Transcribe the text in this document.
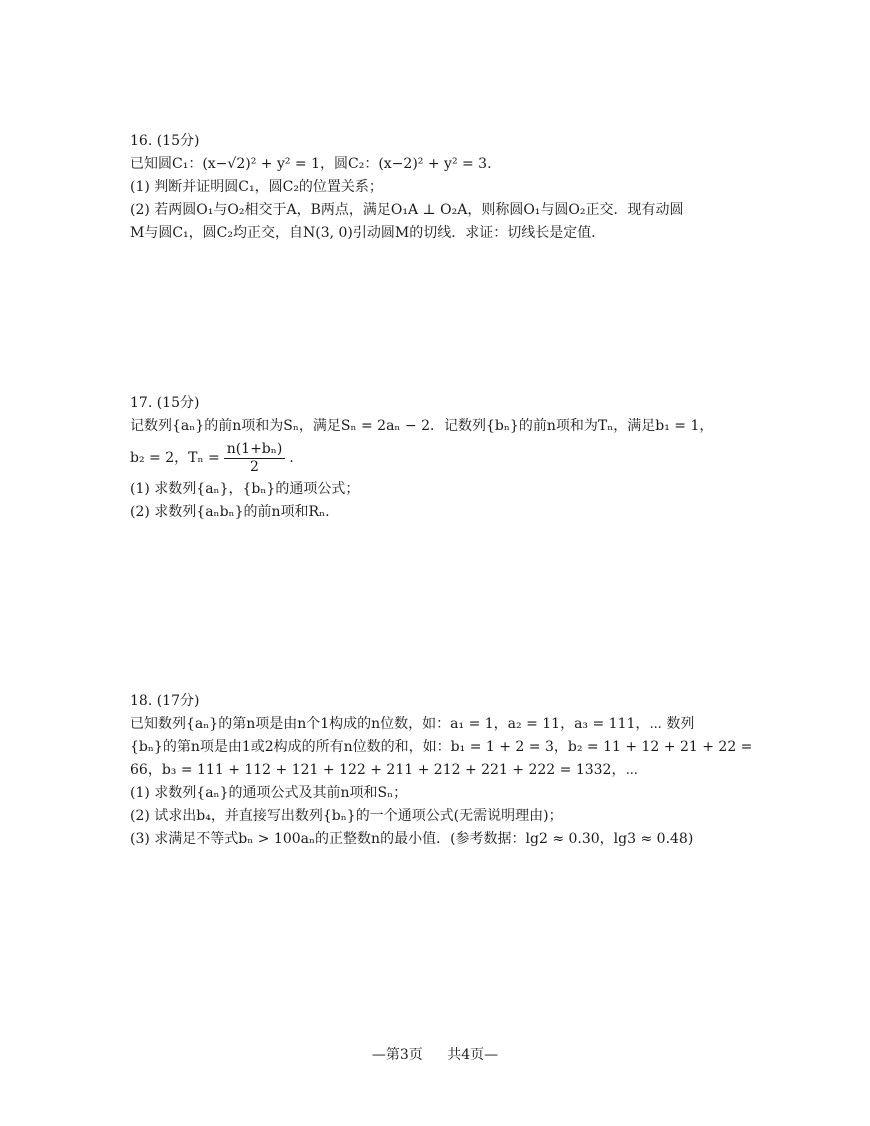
16. (15分)
已知圆C₁：(x−√2)² + y² = 1，圆C₂：(x−2)² + y² = 3.
(1) 判断并证明圆C₁，圆C₂的位置关系；
(2) 若两圆O₁与O₂相交于A，B两点，满足O₁A ⊥ O₂A，则称圆O₁与圆O₂正交．现有动圆
M与圆C₁，圆C₂均正交，自N(3, 0)引动圆M的切线．求证：切线长是定值．
17. (15分)
记数列{aₙ}的前n项和为Sₙ，满足Sₙ = 2aₙ − 2．记数列{bₙ}的前n项和为Tₙ，满足b₁ = 1，
b₂ = 2，$T_n = \frac{\text{n(1+bₙ)}}{2}$ .
(1) 求数列{aₙ}，{bₙ}的通项公式；
(2) 求数列{aₙbₙ}的前n项和Rₙ.
18. (17分)
已知数列{aₙ}的第n项是由n个1构成的n位数，如：a₁ = 1，a₂ = 11，a₃ = 111，⋯ 数列
{bₙ}的第n项是由1或2构成的所有n位数的和，如：b₁ = 1 + 2 = 3，b₂ = 11 + 12 + 21 + 22 =
66，b₃ = 111 + 112 + 121 + 122 + 211 + 212 + 221 + 222 = 1332，⋯
(1) 求数列{aₙ}的通项公式及其前n项和Sₙ；
(2) 试求出b₄，并直接写出数列{bₙ}的一个通项公式(无需说明理由)；
(3) 求满足不等式bₙ > 100aₙ的正整数n的最小值．(参考数据：lg2 ≈ 0.30，lg3 ≈ 0.48)
—第3页 共4页—
